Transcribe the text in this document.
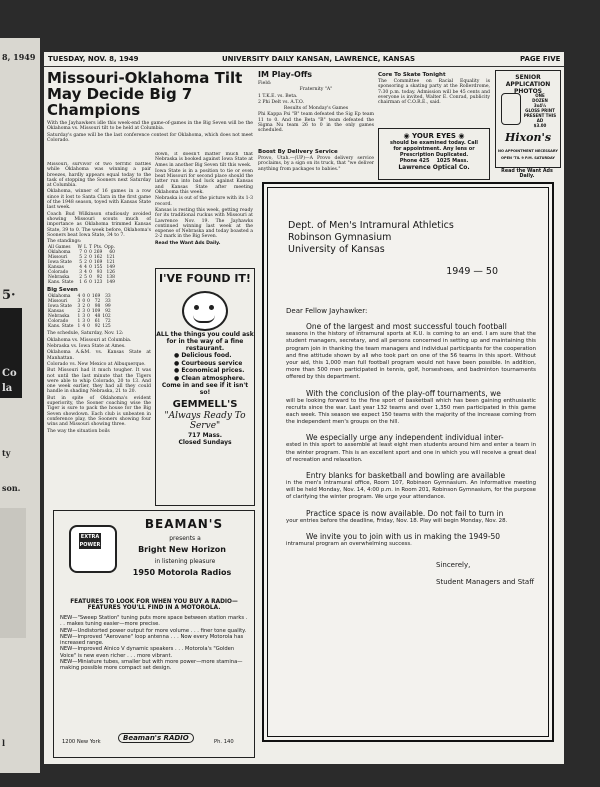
8, 1949
5·
Co
la
ty
son.
l
TUESDAY, NOV. 8, 1949	UNIVERSITY DAILY KANSAN, LAWRENCE, KANSAS	PAGE FIVE
Missouri-Oklahoma Tilt May Decide Big 7 Champions

With the Jayhawkers idle this week-end the game-of-games in the Big Seven will be the Oklahoma vs. Missouri tilt to be held at Columbia.

Saturday's game will be the last conference contest for Oklahoma, which does not meet Colorado.

Missouri, survivor of two terrific battles while Oklahoma was winning a pair breezes, hardly appears equal today to the task of stopping the Sooners next Saturday at Columbia.

Oklahoma, winner of 16 games in a row since it lost to Santa Clara in the first game of the 1948 season, toyed with Kansas State last week.

Coach Bud Wilkinson studiously avoided showing Missouri scouts much of importance as Oklahoma trimmed Kansas State, 39 to 0. The week before, Oklahoma's Sooners beat Iowa State, 34 to 7.

The standings:

All Games	W	L	T	Pts.	Opp.
Oklahoma	7	0	0	269	60
Missouri	5	2	0	162	121
Iowa State	5	2	0	169	121
Kansas	4	4	0	155	149
Colorado	3	4	0	93	126
Nebraska	2	5	0	92	138
Kans. State	1	6	0	123	149
Big Seven
Oklahoma	4	0	0	169	33
Missouri	3	0	0	72	33
Iowa State	3	2	0	98	99
Kansas	2	3	0	109	92
Nebraska	1	3	0	48	102
Colorado	1	3	0	61	72
Kans. State	1	4	0	92	125

The schedule, Saturday, Nov. 12:

Oklahoma vs. Missouri at Columbia.

Nebraska vs. Iowa State at Ames.

Oklahoma A.&M. vs. Kansas State at Manhattan.

Colorado vs. New Mexico at Albuquerque.

But Missouri had it much tougher. It was not until the last minute that the Tigers were able to whip Colorado, 20 to 13. And one week earlier, they had all they could handle in shading Nebraska, 21 to 20.

But in spite of Oklahoma's evident superiority, the Sooner coaching wise the Tiger is sure to pack the house for the Big Seven showdown. Each club is unbeaten in conference play, the Sooners showing four wins and Missouri showing three.

The way the situation boils

down, it doesn't matter much that Nebraska is booked against Iowa State at Ames in another Big Seven tilt this week.

Iowa State is in a position to tie or even beat Missouri for second place should the latter run into bad luck against Kansas and Kansas State after meeting Oklahoma this week.

Nebraska is out of the picture with its 1-3 record.

Kansas is resting this week, getting ready for its traditional ruckus with Missouri at Lawrence Nov. 19. The Jayhawks continued winning last week at the expense of Nebraska and today boasted a 2-2 mark in the Big Seven.

Read the Want Ads Daily.

I'VE FOUND IT!

ALL the things you could ask for in the way of a fine restaurant.

● Delicious food.

● Courteous service

● Economical prices.

● Clean atmosphere.

Come in and see if it isn't so!

GEMMELL'S

"Always Ready To Serve"

717 Mass.

Closed Sundays

IM Play-Offs

Field:

Fraternity "A"

1 T.K.E. vs. Beta.

2 Phi Delt vs. A.T.O.

Results of Monday's Games

Phi Kappa Psi "B" team defeated the Sig Ep team 11 to 0. And the Beta "B" team defeated the Sigma Nu team 26 to 0 in the only games scheduled.

Boost By Delivery Service

Provo, Utah.—(UP)—A Provo delivery service proclaims, by a sign on its truck, that "we deliver anything from packages to babies."

Core To Skate Tonight

The Committee on Racial Equality is sponsoring a skating party at the Rollerdrome, 7:30 p.m. today. Admission will be 45 cents and everyone is invited, Walter E. Conrad, publicity chairman of C.O.R.E., said.

◉ YOUR EYES ◉

should be examined today. Call

for appointment. Any lens or

Prescription Duplicated.

Phone 425 1025 Mass.

Lawrence Optical Co.

SENIOR APPLICATION PHOTOS

ONE

DOZEN

3x4½

GLOSS PRINT

PRESENT THIS AD

$3.00

Hixon's

NO APPOINTMENT NECESSARY

OPEN 'TIL 9 P.M. SATURDAY

Read the Want Ads Daily.

EXTRA POWER
BEAMAN'S
presents a
Bright New Horizon
in listening pleasure
1950 Motorola Radios

FEATURES TO LOOK FOR WHEN YOU BUY A RADIO— FEATURES YOU'LL FIND IN A MOTOROLA.

NEW—"Sweep Station" tuning puts more space between station marks . . . makes tuning easier—more precise.

NEW—Undistorted power output for more volume . . . finer tone quality.

NEW—Improved "Aerovane" loop antenna . . . Now every Motorola has increased range.

NEW—Improved Alnico V dynamic speakers . . . Motorola's "Golden Voice" is new even richer . . . more vibrant.

NEW—Miniature tubes, smaller but with more power—more stamina—making possible more compact set design.

1200 New York	Beaman's RADIO	Ph. 140

Dept. of Men's Intramural Athletics

Robinson Gymnasium

University of Kansas

1949 — 50

Dear Fellow Jayhawker:

One of the largest and most successful touch football
seasons in the history of intramural sports at K.U. is coming to an end. I am sure that the student managers, secretary, and all persons concerned in setting up and maintaining this program join in thanking the team managers and individual participants for the cooperation and fine attitude shown by all who took part on one of the 56 teams in this sport. Without your aid, this 1,000 man full football program would not have been possible. In addition, more than 500 men participated in tennis, golf, horseshoes, and badminton tournaments offered by this department.

With the conclusion of the play-off tournaments, we
will be looking forward to the fine sport of basketball which has been gaining enthusiastic recruits since the war. Last year 132 teams and over 1,350 men participated in this game each week. This season we expect 150 teams with the majority of the increase coming from the independent men's groups on the hill.

We especially urge any independent individual inter-
ested in this sport to assemble at least eight men students around him and enter a team in the winter program. This is an excellent sport and one in which you will receive a great deal of recreation and relaxation.

Entry blanks for basketball and bowling are available
in the men's intramural office, Room 107, Robinson Gymnasium. An informative meeting will be held Monday, Nov. 14, 4:00 p.m. in Room 201, Robinson Gymnasium, for the purpose of clarifying the winter program. We urge your attendance.

Practice space is now available. Do not fail to turn in
your entries before the deadline, Friday, Nov. 18. Play will begin Monday, Nov. 28.

We invite you to join with us in making the 1949-50
intramural program an overwhelming success.

Sincerely,

Student Managers and Staff
